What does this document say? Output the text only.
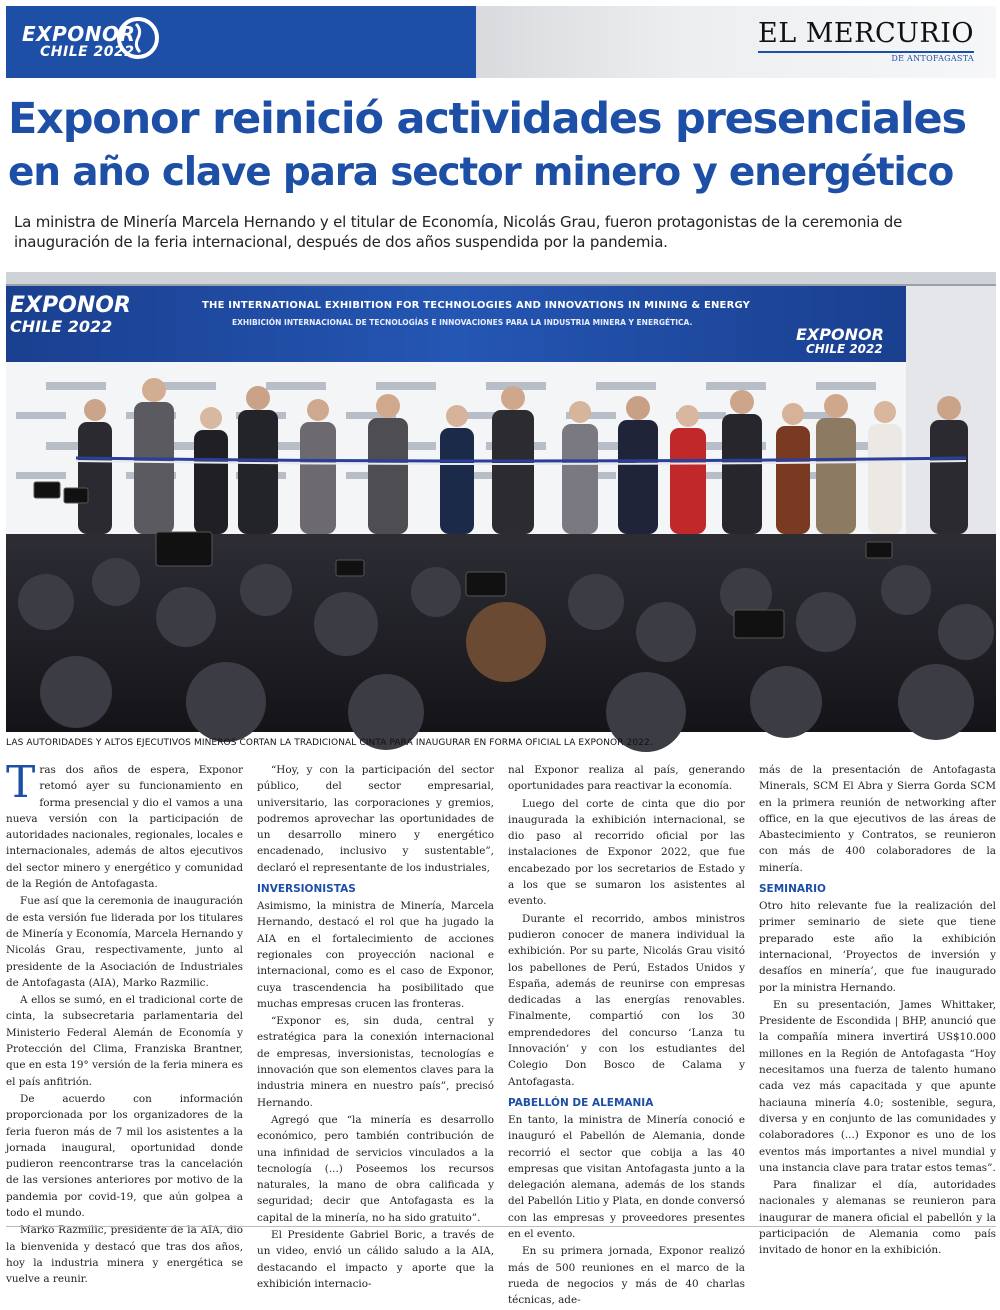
EXPONOR
CHILE 2022
EL MERCURIO
DE ANTOFAGASTA
Exponor reinició actividades presenciales
en año clave para sector minero y energético

La ministra de Minería Marcela Hernando y el titular de Economía, Nicolás Grau, fueron protagonistas de la ceremonia de inauguración de la feria internacional, después de dos años suspendida por la pandemia.

EXPONOR
CHILE 2022
THE INTERNATIONAL EXHIBITION FOR TECHNOLOGIES AND INNOVATIONS IN MINING & ENERGY
EXHIBICIÓN INTERNACIONAL DE TECNOLOGÍAS E INNOVACIONES PARA LA INDUSTRIA MINERA Y ENERGÉTICA.
EXPONOR
CHILE 2022

LAS AUTORIDADES Y ALTOS EJECUTIVOS MINEROS CORTAN LA TRADICIONAL CINTA PARA INAUGURAR EN FORMA OFICIAL LA EXPONOR 2022.

Tras dos años de espera, Exponor retomó ayer su funcionamiento en forma presencial y dio el vamos a una nueva versión con la participación de autoridades nacionales, regionales, locales e internacionales, además de altos ejecutivos del sector minero y energético y comunidad de la Región de Antofagasta.

Fue así que la ceremonia de inauguración de esta versión fue liderada por los titulares de Minería y Economía, Marcela Hernando y Nicolás Grau, respectivamente, junto al presidente de la Asociación de Industriales de Antofagasta (AIA), Marko Razmilic.

A ellos se sumó, en el tradicional corte de cinta, la subsecretaria parlamentaria del Ministerio Federal Alemán de Economía y Protección del Clima, Franziska Brantner, que en esta 19° versión de la feria minera es el país anfitrión.

De acuerdo con información proporcionada por los organizadores de la feria fueron más de 7 mil los asistentes a la jornada inaugural, oportunidad donde pudieron reencontrarse tras la cancelación de las versiones anteriores por motivo de la pandemia por covid-19, que aún golpea a todo el mundo.

Marko Razmilic, presidente de la AIA, dio la bienvenida y destacó que tras dos años, hoy la industria minera y energética se vuelve a reunir.

“Hoy, y con la participación del sector público, del sector empresarial, universitario, las corporaciones y gremios, podremos aprovechar las oportunidades de un desarrollo minero y energético encadenado, inclusivo y sustentable”, declaró el representante de los industriales,

INVERSIONISTAS

Asimismo, la ministra de Minería, Marcela Hernando, destacó el rol que ha jugado la AIA en el fortalecimiento de acciones regionales con proyección nacional e internacional, como es el caso de Exponor, cuya trascendencia ha posibilitado que muchas empresas crucen las fronteras.

“Exponor es, sin duda, central y estratégica para la conexión internacional de empresas, inversionistas, tecnologías e innovación que son elementos claves para la industria minera en nuestro país”, precisó Hernando.

Agregó que “la minería es desarrollo económico, pero también contribución de una infinidad de servicios vinculados a la tecnología (...) Poseemos los recursos naturales, la mano de obra calificada y seguridad; decir que Antofagasta es la capital de la minería, no ha sido gratuito”.

El Presidente Gabriel Boric, a través de un video, envió un cálido saludo a la AIA, destacando el impacto y aporte que la exhibición internacio-

nal Exponor realiza al país, generando oportunidades para reactivar la economía.

Luego del corte de cinta que dio por inaugurada la exhibición internacional, se dio paso al recorrido oficial por las instalaciones de Exponor 2022, que fue encabezado por los secretarios de Estado y a los que se sumaron los asistentes al evento.

Durante el recorrido, ambos ministros pudieron conocer de manera individual la exhibición. Por su parte, Nicolás Grau visitó los pabellones de Perú, Estados Unidos y España, además de reunirse con empresas dedicadas a las energías renovables. Finalmente, compartió con los 30 emprendedores del concurso ‘Lanza tu Innovación’ y con los estudiantes del Colegio Don Bosco de Calama y Antofagasta.

PABELLÓN DE ALEMANIA

En tanto, la ministra de Minería conoció e inauguró el Pabellón de Alemania, donde recorrió el sector que cobija a las 40 empresas que visitan Antofagasta junto a la delegación alemana, además de los stands del Pabellón Litio y Plata, en donde conversó con las empresas y proveedores presentes en el evento.

En su primera jornada, Exponor realizó más de 500 reuniones en el marco de la rueda de negocios y más de 40 charlas técnicas, ade-

más de la presentación de Antofagasta Minerals, SCM El Abra y Sierra Gorda SCM en la primera reunión de networking after office, en la que ejecutivos de las áreas de Abastecimiento y Contratos, se reunieron con más de 400 colaboradores de la minería.

SEMINARIO

Otro hito relevante fue la realización del primer seminario de siete que tiene preparado este año la exhibición internacional, ‘Proyectos de inversión y desafíos en minería’, que fue inaugurado por la ministra Hernando.

En su presentación, James Whittaker, Presidente de Escondida | BHP, anunció que la compañía minera invertirá US$10.000 millones en la Región de Antofagasta “Hoy necesitamos una fuerza de talento humano cada vez más capacitada y que apunte haciauna minería 4.0; sostenible, segura, diversa y en conjunto de las comunidades y colaboradores (...) Exponor es uno de los eventos más importantes a nivel mundial y una instancia clave para tratar estos temas”.

Para finalizar el día, autoridades nacionales y alemanas se reunieron para inaugurar de manera oficial el pabellón y la participación de Alemania como país invitado de honor en la exhibición.
